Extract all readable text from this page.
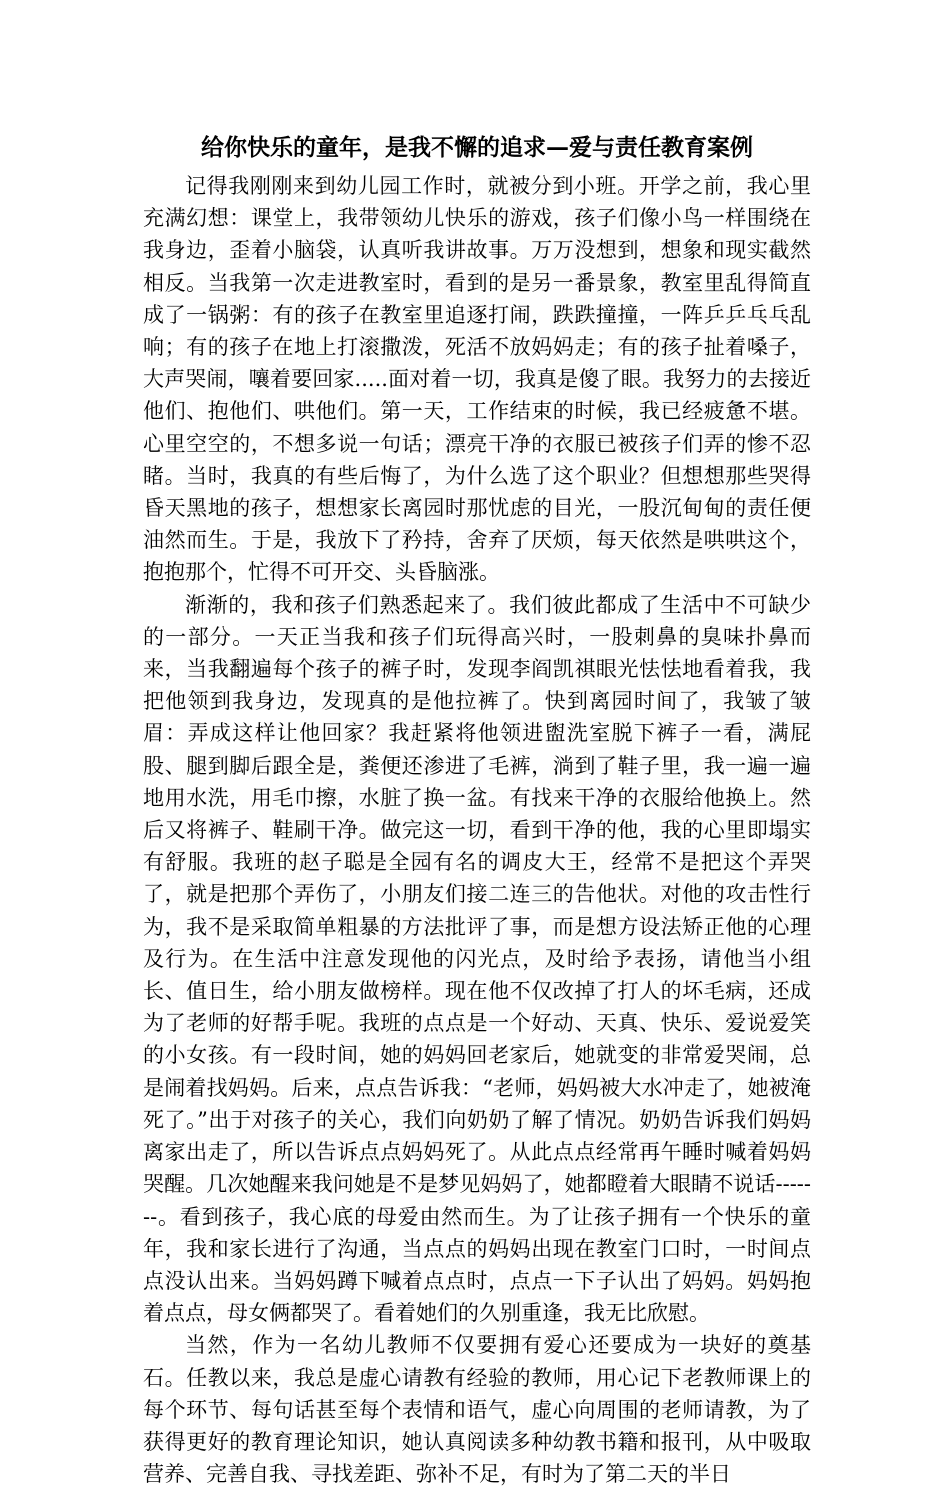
给你快乐的童年，是我不懈的追求—爱与责任教育案例

记得我刚刚来到幼儿园工作时，就被分到小班。开学之前，我心里充满幻想：课堂上，我带领幼儿快乐的游戏，孩子们像小鸟一样围绕在我身边，歪着小脑袋，认真听我讲故事。万万没想到，想象和现实截然相反。当我第一次走进教室时，看到的是另一番景象，教室里乱得简直成了一锅粥：有的孩子在教室里追逐打闹，跌跌撞撞，一阵乒乒乓乓乱响；有的孩子在地上打滚撒泼，死活不放妈妈走；有的孩子扯着嗓子，大声哭闹，嚷着要回家.....面对着一切，我真是傻了眼。我努力的去接近他们、抱他们、哄他们。第一天，工作结束的时候，我已经疲惫不堪。心里空空的，不想多说一句话；漂亮干净的衣服已被孩子们弄的惨不忍睹。当时，我真的有些后悔了，为什么选了这个职业？但想想那些哭得昏天黑地的孩子，想想家长离园时那忧虑的目光，一股沉甸甸的责任便油然而生。于是，我放下了矜持，舍弃了厌烦，每天依然是哄哄这个，抱抱那个，忙得不可开交、头昏脑涨。

渐渐的，我和孩子们熟悉起来了。我们彼此都成了生活中不可缺少的一部分。一天正当我和孩子们玩得高兴时，一股刺鼻的臭味扑鼻而来，当我翻遍每个孩子的裤子时，发现李阎凯祺眼光怯怯地看着我，我把他领到我身边，发现真的是他拉裤了。快到离园时间了，我皱了皱眉：弄成这样让他回家？我赶紧将他领进盥洗室脱下裤子一看，满屁股、腿到脚后跟全是，粪便还渗进了毛裤，淌到了鞋子里，我一遍一遍地用水洗，用毛巾擦，水脏了换一盆。有找来干净的衣服给他换上。然后又将裤子、鞋刷干净。做完这一切，看到干净的他，我的心里即塌实有舒服。我班的赵子聪是全园有名的调皮大王，经常不是把这个弄哭了，就是把那个弄伤了，小朋友们接二连三的告他状。对他的攻击性行为，我不是采取简单粗暴的方法批评了事，而是想方设法矫正他的心理及行为。在生活中注意发现他的闪光点，及时给予表扬，请他当小组长、值日生，给小朋友做榜样。现在他不仅改掉了打人的坏毛病，还成为了老师的好帮手呢。我班的点点是一个好动、天真、快乐、爱说爱笑的小女孩。有一段时间，她的妈妈回老家后，她就变的非常爱哭闹，总是闹着找妈妈。后来，点点告诉我：“老师，妈妈被大水冲走了，她被淹死了。”出于对孩子的关心，我们向奶奶了解了情况。奶奶告诉我们妈妈离家出走了，所以告诉点点妈妈死了。从此点点经常再午睡时喊着妈妈哭醒。几次她醒来我问她是不是梦见妈妈了，她都瞪着大眼睛不说话-------。看到孩子，我心底的母爱由然而生。为了让孩子拥有一个快乐的童年，我和家长进行了沟通，当点点的妈妈出现在教室门口时，一时间点点没认出来。当妈妈蹲下喊着点点时，点点一下子认出了妈妈。妈妈抱着点点，母女俩都哭了。看着她们的久别重逢，我无比欣慰。

当然，作为一名幼儿教师不仅要拥有爱心还要成为一块好的奠基石。任教以来，我总是虚心请教有经验的教师，用心记下老教师课上的每个环节、每句话甚至每个表情和语气，虚心向周围的老师请教，为了获得更好的教育理论知识，她认真阅读多种幼教书籍和报刊，从中吸取营养、完善自我、寻找差距、弥补不足，有时为了第二天的半日
